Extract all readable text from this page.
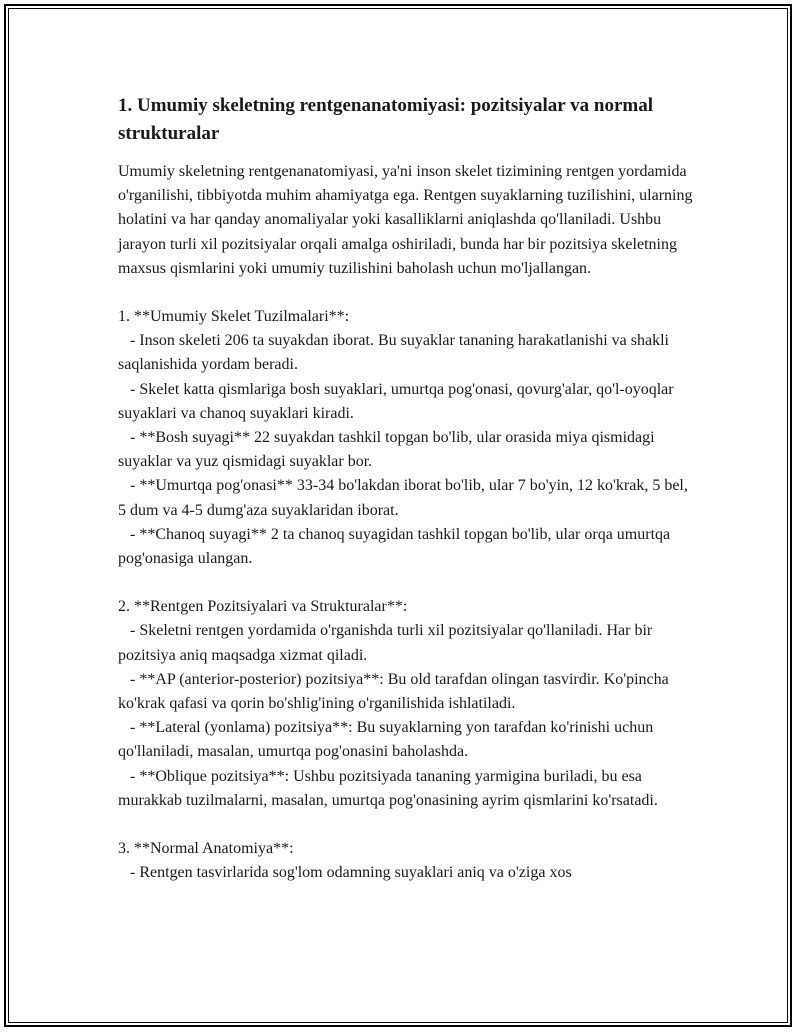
1. Umumiy skeletning rentgenanatomiyasi: pozitsiyalar va normal strukturalar

Umumiy skeletning rentgenanatomiyasi, ya'ni inson skelet tizimining rentgen yordamida o'rganilishi, tibbiyotda muhim ahamiyatga ega. Rentgen suyaklarning tuzilishini, ularning holatini va har qanday anomaliyalar yoki kasalliklarni aniqlashda qo'llaniladi. Ushbu jarayon turli xil pozitsiyalar orqali amalga oshiriladi, bunda har bir pozitsiya skeletning maxsus qismlarini yoki umumiy tuzilishini baholash uchun mo'ljallangan.

1. **Umumiy Skelet Tuzilmalari**:
- Inson skeleti 206 ta suyakdan iborat. Bu suyaklar tananing harakatlanishi va shakli saqlanishida yordam beradi.
- Skelet katta qismlariga bosh suyaklari, umurtqa pog'onasi, qovurg'alar, qo'l-oyoqlar suyaklari va chanoq suyaklari kiradi.
- **Bosh suyagi** 22 suyakdan tashkil topgan bo'lib, ular orasida miya qismidagi suyaklar va yuz qismidagi suyaklar bor.
- **Umurtqa pog'onasi** 33-34 bo'lakdan iborat bo'lib, ular 7 bo'yin, 12 ko'krak, 5 bel, 5 dum va 4-5 dumg'aza suyaklaridan iborat.
- **Chanoq suyagi** 2 ta chanoq suyagidan tashkil topgan bo'lib, ular orqa umurtqa pog'onasiga ulangan.
2. **Rentgen Pozitsiyalari va Strukturalar**:
- Skeletni rentgen yordamida o'rganishda turli xil pozitsiyalar qo'llaniladi. Har bir pozitsiya aniq maqsadga xizmat qiladi.
- **AP (anterior-posterior) pozitsiya**: Bu old tarafdan olingan tasvirdir. Ko'pincha ko'krak qafasi va qorin bo'shlig'ining o'rganilishida ishlatiladi.
- **Lateral (yonlama) pozitsiya**: Bu suyaklarning yon tarafdan ko'rinishi uchun qo'llaniladi, masalan, umurtqa pog'onasini baholashda.
- **Oblique pozitsiya**: Ushbu pozitsiyada tananing yarmigina buriladi, bu esa murakkab tuzilmalarni, masalan, umurtqa pog'onasining ayrim qismlarini ko'rsatadi.
3. **Normal Anatomiya**:
- Rentgen tasvirlarida sog'lom odamning suyaklari aniq va o'ziga xos
